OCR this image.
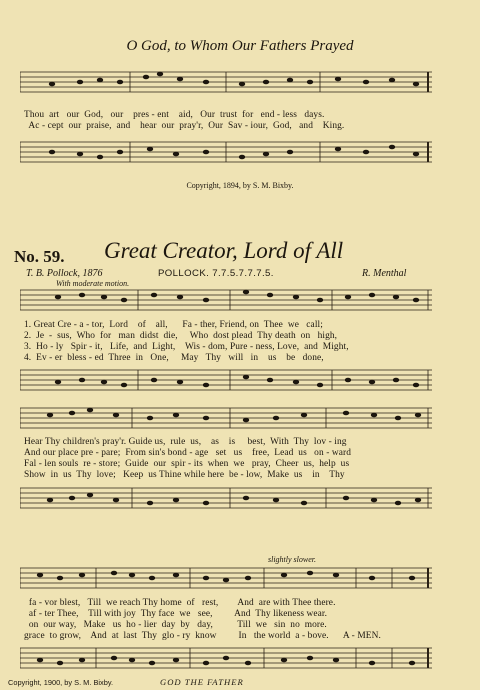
O God, to Whom Our Fathers Prayed
Thou  art   our  God,   our    pres - ent    aid,   Our  trust  for   end - less   days.
Ac - cept  our  praise,  and    hear  our  pray'r,  Our  Sav - iour,  God,   and    King.
Copyright, 1894, by S. M. Bixby.
No. 59. Great Creator, Lord of All
T. B. Pollock, 1876	POLLOCK. 7.7.5.7.7.7.5.	R. Menthal
With moderate motion.
1. Great Cre - a - tor,  Lord    of    all,      Fa - ther, Friend, on  Thee  we   call;
2.  Je  -  sus,  Who  for   man  didst  die,     Who  dost plead  Thy death  on   high,
3.  Ho - ly   Spir - it,   Life,  and  Light,    Wis - dom, Pure - ness, Love,  and  Might,
4.  Ev - er  bless - ed  Three  in   One,     May   Thy   will   in    us    be   done,
Hear Thy children's pray'r. Guide us,  rule  us,    as    is     best,  With  Thy  lov - ing
And our place pre - pare;  From sin's bond - age   set   us    free,  Lead  us   on - ward
Fal - len souls  re - store;  Guide  our  spir - its  when  we   pray,  Cheer  us,  help  us
Show  in  us  Thy  love;   Keep  us Thine while here  be - low,  Make  us    in    Thy
slightly slower.
fa - vor blest,   Till  we reach Thy home  of   rest,        And  are with Thee there.
af - ter Thee,    Till with joy  Thy face  we   see,         And  Thy likeness wear.
on  our way,   Make   us  ho - lier  day  by   day,          Till  we   sin  no  more.
grace  to grow,    And  at  last  Thy  glo - ry  know         In   the world  a - bove.      A - MEN.
Copyright, 1900, by S. M. Bixby.	GOD THE FATHER
